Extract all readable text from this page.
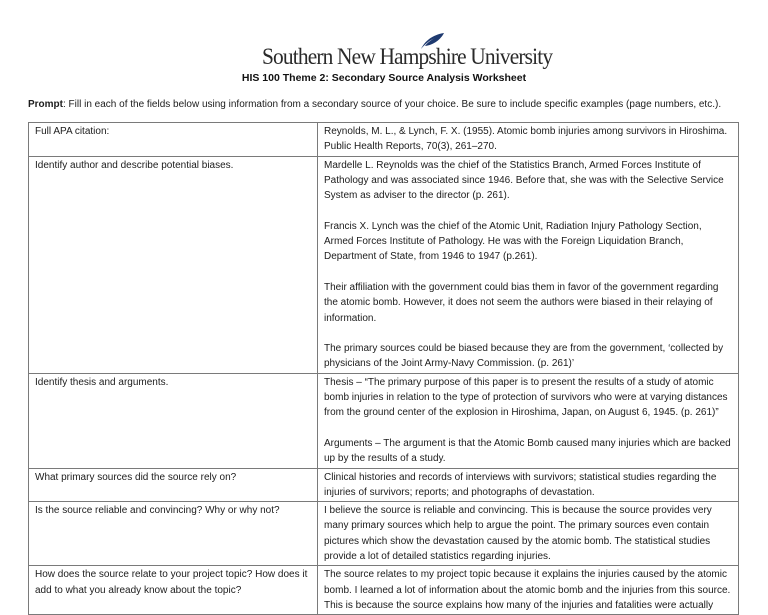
Southern New Hampshire University
HIS 100 Theme 2: Secondary Source Analysis Worksheet
Prompt: Fill in each of the fields below using information from a secondary source of your choice. Be sure to include specific examples (page numbers, etc.).
Full APA citation:	Reynolds, M. L., & Lynch, F. X. (1955). Atomic bomb injuries among survivors in Hiroshima. Public Health Reports, 70(3), 261–270.

Identify author and describe potential biases.	Mardelle L. Reynolds was the chief of the Statistics Branch, Armed Forces Institute of Pathology and was associated since 1946. Before that, she was with the Selective Service System as adviser to the director (p. 261).

Francis X. Lynch was the chief of the Atomic Unit, Radiation Injury Pathology Section, Armed Forces Institute of Pathology. He was with the Foreign Liquidation Branch, Department of State, from 1946 to 1947 (p.261).

Their affiliation with the government could bias them in favor of the government regarding the atomic bomb. However, it does not seem the authors were biased in their relaying of information.

The primary sources could be biased because they are from the government, ‘collected by physicians of the Joint Army-Navy Commission. (p. 261)’

Identify thesis and arguments.	Thesis – “The primary purpose of this paper is to present the results of a study of atomic bomb injuries in relation to the type of protection of survivors who were at varying distances from the ground center of the explosion in Hiroshima, Japan, on August 6, 1945. (p. 261)”

Arguments – The argument is that the Atomic Bomb caused many injuries which are backed up by the results of a study.

What primary sources did the source rely on?	Clinical histories and records of interviews with survivors; statistical studies regarding the injuries of survivors; reports; and photographs of devastation.

Is the source reliable and convincing? Why or why not?	I believe the source is reliable and convincing. This is because the source provides very many primary sources which help to argue the point. The primary sources even contain pictures which show the devastation caused by the atomic bomb. The statistical studies provide a lot of detailed statistics regarding injuries.

How does the source relate to your project topic? How does it add to what you already know about the topic?	The source relates to my project topic because it explains the injuries caused by the atomic bomb. I learned a lot of information about the atomic bomb and the injuries from this source. This is because the source explains how many of the injuries and fatalities were actually
